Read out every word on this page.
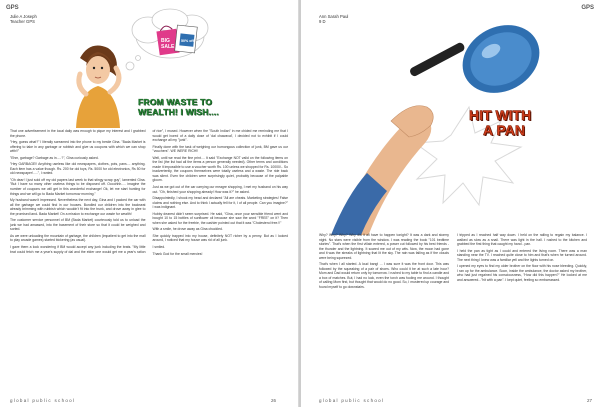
GPS
Julie A Joseph
Teacher GPS
BIG
SALE
50% off
FROM WASTE TO
WEALTH! I WISH....

That one advertisement in the local daily was enough to pique my interest and I grabbed the phone.

"Hey, guess what?" I literally screamed into the phone to my bestie Gina. "Bada Market is offering to take in any garbage or rubbish and give us coupons with which we can shop with!!"

"Ehm, garbage? Garbage as in.....?", Gina curiously asked.

"Hey GARBAGE!! Anything useless like old newspapers, clothes, pots, pans.... anything. Each item has a value though. Rs. 200 for old toys, Rs. 5000 for old electronics, Rs 50 for old newspaper!.....", I ranted.

"Oh dear! I just sold off my old papers last week to that stingy scrap guy", lamented Gina. "But I have so many other useless things to be disposed off. Oooohhh..... imagine the number of coupons we will get in this wonderful exchange! Ok, let me start hunting for things and we will go to Bada Market tomorrow morning."

My husband wasn't impressed. Nevertheless the next day, Gina and I packed the car with all the garbage we could find in our houses. Bundled our children into the backseat already brimming with rubbish which wouldn't fit into the trunk, and drove away in glee to the promised land- Bada Market! On a mission to exchange our waste for wealth!

The customer service personnel of BM (Bada Market) courteously told us to unload the junk we had amassed, into the basement of their store so that it could be weighed and sorted.

As we were unloading the mountain of garbage, the children (impatient to get into the mall to play arcade games) started bickering (as usual).

I gave them a look wondering if BM would accept any junk including the brats. "My little brat could fetch me a year's supply of dal and the elder one would get me a year's ration of rice", I mused. However when the "South Indian" in me chided me reminding me that I would get bored of a daily dose of 'dal chawaval', I decided not to exhibit if I could exchange all my "junk".

Finally done with the task of weighing our humongous collection of junk, BM gave us our "vouchers". WE WERE RICH!!

Well, until we read the fine print.... It said "Exchange NOT valid on the following items on the list (the list had all the items a person generally needed). Other terms and conditions made it impossible to use a voucher worth Rs. 100 unless we shopped for Rs. 10000/-. So inadvertently, the coupons themselves were totally useless and a waste. The ride back was silent. Even the children were surprisingly quiet, probably because of the palpable gloom.

Just as we got out of the car carrying our meagre shopping, I met my husband on his way out. "Oh, finished your shopping already! How was it?" he asked.

Disappointedly, I shook my head and declared "All are cheats. Marketing strategies! False claims and nothing else. And to think I actually fell for it, I of all people. Can you imagine?" I was indignant.

Hubby dearest didn't seem surprised. He said, "Gina, once your sensible friend went and bought 10 to 15 bottles of sunflower oil because she saw the word "FREE" on it? Then when she asked for the freebie, the cashier pointed out that it was "Cholesterol free.!!"

With a smile, he drove away as Gina chuckled.

She quickly trapped into my house, definitely NOT richer by a penny. But as I looked around, I noticed that my house was rid of all junk.

I smiled.

Thank God for the small mercies!

global public school	26
GPS
Ann Sarah Paul
9 D
HIT WITH
A PAN

Why? Why? Why? Why did it all have to happen tonight? It was a dark and stormy night. No stars were visible from the window. I was reading the book "101 bedtime stories". That's when the first villain entered, a power cut followed by his best friends - the thunder and the lightning. It scared me out of my wits. Now, the moon had gone and it was the streaks of lightning that lit the sky. The rain was falling as if the clouds were being squeezed.

That's when I all started. A loud bang! ... I was sure it was the front door. This was followed by the squeaking of a pair of shoes. Who could it be at such a late hour? Mom and Dad would return only by tomorrow. I rushed to my table to find a candle and a box of matches. But, I had no luck, even the torch was fooling me around. I thought of calling Mom first, but thought that would do no good. So, I mustered up courage and found myself to go downstairs.

I tripped as I reached half way down. I held on the railing to regain my balance. I walked as slow as a snail. There was light in the hall. I rushed to the kitchen and grabbed the first thing that caught my hand - pan.

I held the pan as tight as I could and entered the living room. There was a man standing near the TV. I reached quite close to him and that's when he turned around. The next thing I knew was a familiar yell and the lights turned on.

I opened my eyes to find my older brother on the floor with his nose bleeding. Quickly, I ran up for the ambulance. Soon, inside the ambulance, the doctor asked my brother, who had just regained his consciousness, "How did this happen?" He looked at me and answered..."hit with a pan". I kept quiet, feeling so embarrassed.

global public school	27
